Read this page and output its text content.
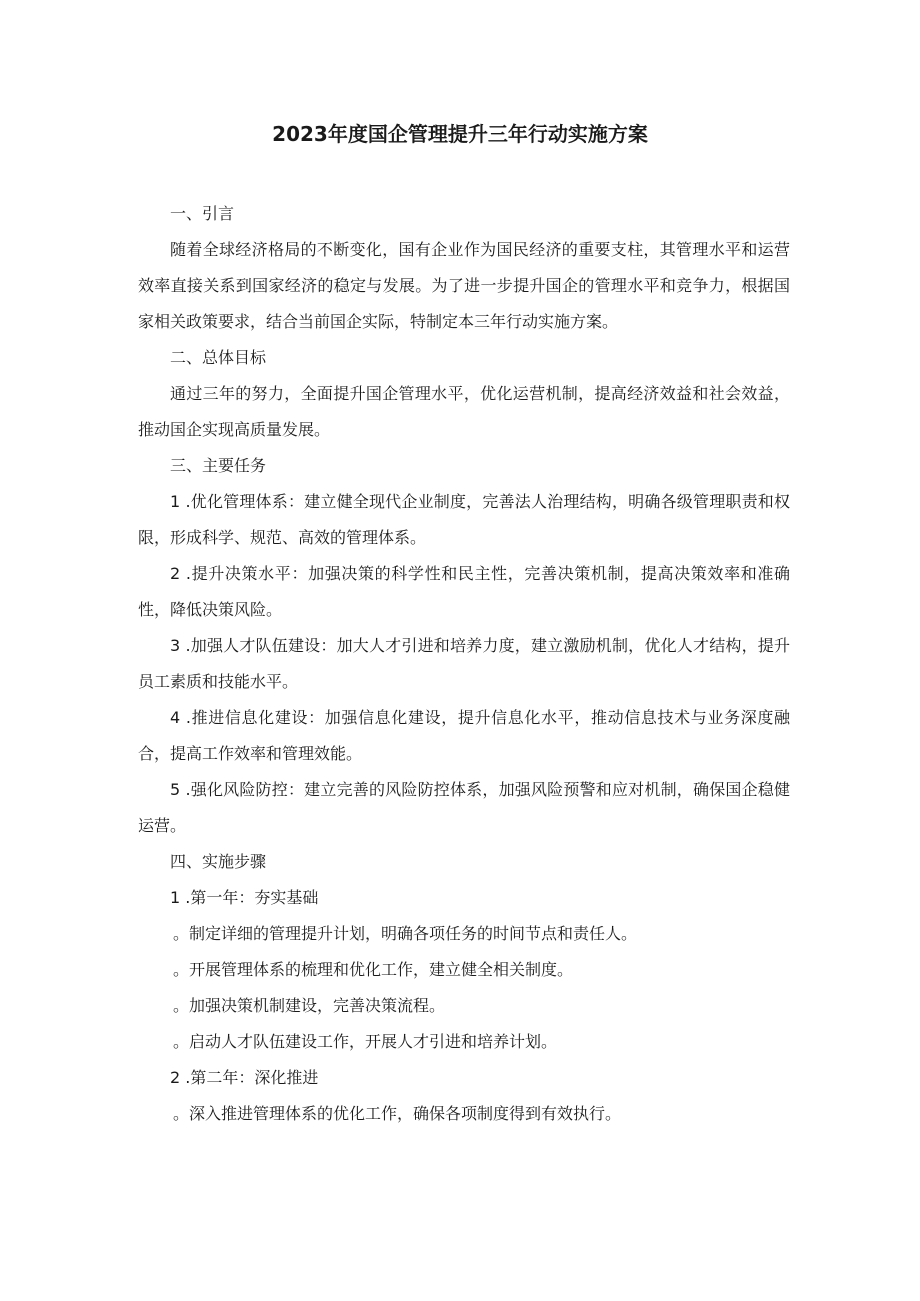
2023年度国企管理提升三年行动实施方案

一、引言

随着全球经济格局的不断变化，国有企业作为国民经济的重要支柱，其管理水平和运营效率直接关系到国家经济的稳定与发展。为了进一步提升国企的管理水平和竞争力，根据国家相关政策要求，结合当前国企实际，特制定本三年行动实施方案。

二、总体目标

通过三年的努力，全面提升国企管理水平，优化运营机制，提高经济效益和社会效益，推动国企实现高质量发展。

三、主要任务

1 .优化管理体系：建立健全现代企业制度，完善法人治理结构，明确各级管理职责和权限，形成科学、规范、高效的管理体系。

2 .提升决策水平：加强决策的科学性和民主性，完善决策机制，提高决策效率和准确性，降低决策风险。

3 .加强人才队伍建设：加大人才引进和培养力度，建立激励机制，优化人才结构，提升员工素质和技能水平。

4 .推进信息化建设：加强信息化建设，提升信息化水平，推动信息技术与业务深度融合，提高工作效率和管理效能。

5 .强化风险防控：建立完善的风险防控体系，加强风险预警和应对机制，确保国企稳健运营。

四、实施步骤

1 .第一年：夯实基础

。制定详细的管理提升计划，明确各项任务的时间节点和责任人。

。开展管理体系的梳理和优化工作，建立健全相关制度。

。加强决策机制建设，完善决策流程。

。启动人才队伍建设工作，开展人才引进和培养计划。

2 .第二年：深化推进

。深入推进管理体系的优化工作，确保各项制度得到有效执行。
